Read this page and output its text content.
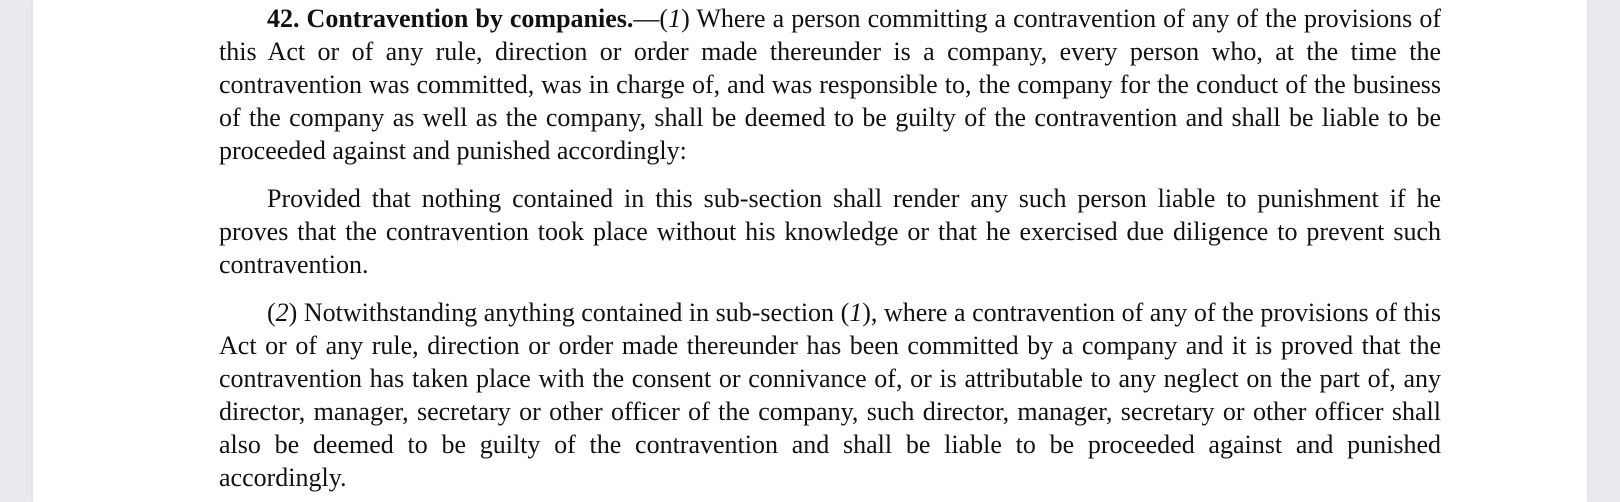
42. Contravention by companies.—(1) Where a person committing a contravention of any of the provisions of this Act or of any rule, direction or order made thereunder is a company, every person who, at the time the contravention was committed, was in charge of, and was responsible to, the company for the conduct of the business of the company as well as the company, shall be deemed to be guilty of the contravention and shall be liable to be proceeded against and punished accordingly:

Provided that nothing contained in this sub-section shall render any such person liable to punishment if he proves that the contravention took place without his knowledge or that he exercised due diligence to prevent such contravention.

(2) Notwithstanding anything contained in sub-section (1), where a contravention of any of the provisions of this Act or of any rule, direction or order made thereunder has been committed by a company and it is proved that the contravention has taken place with the consent or connivance of, or is attributable to any neglect on the part of, any director, manager, secretary or other officer of the company, such director, manager, secretary or other officer shall also be deemed to be guilty of the contravention and shall be liable to be proceeded against and punished accordingly.
